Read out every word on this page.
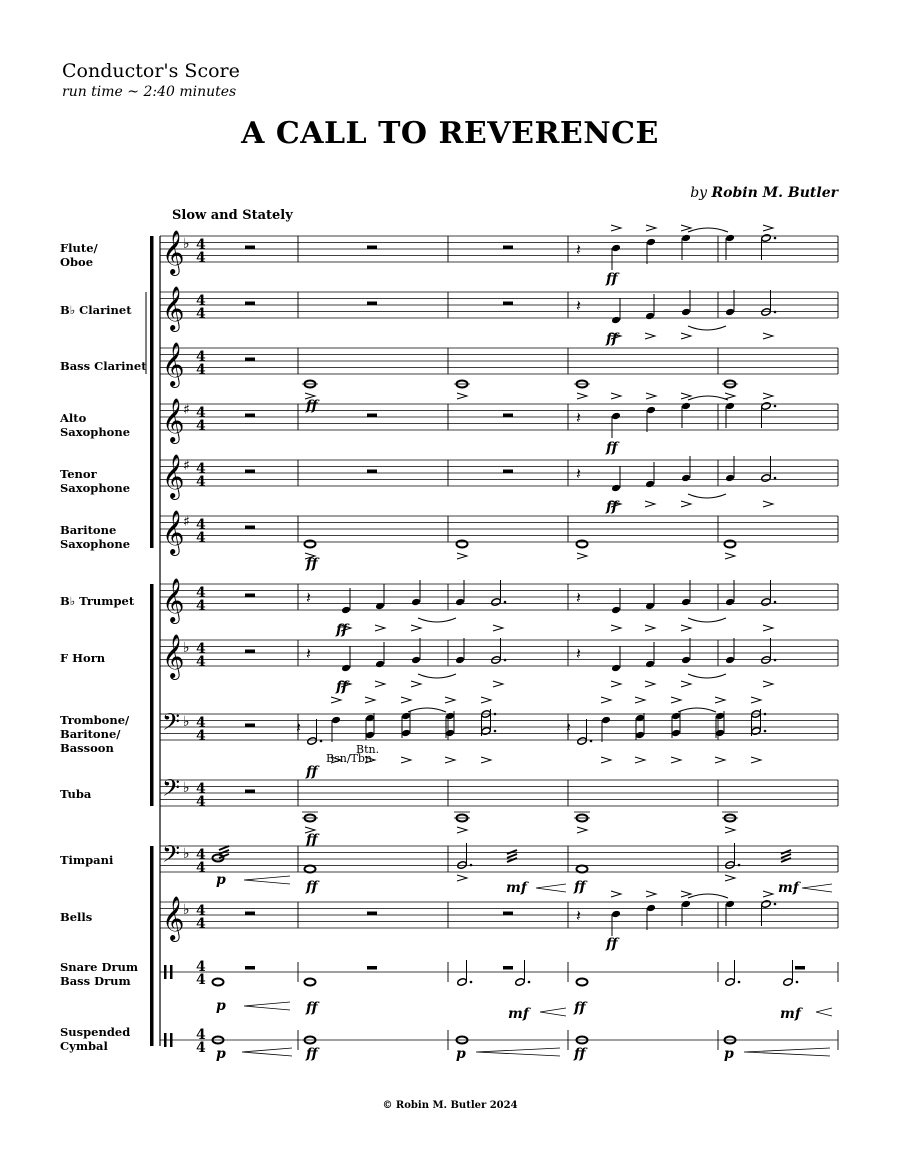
Conductor's Score
run time ~ 2:40 minutes
A CALL TO REVERENCE
by Robin M. Butler
Slow and Stately
Flute/
Oboe
B♭ Clarinet
Bass Clarinet
Alto
Saxophone
Tenor
Saxophone
Baritone
Saxophone
B♭ Trumpet
F Horn
Trombone/
Baritone/
Bassoon
Tuba
Timpani
Bells
Snare Drum
Bass Drum
Suspended
Cymbal
𝄞
♭ 4
4
𝄞 4
4
𝄞 4
4
𝄞
♯ 4
4
𝄞
♯ 4
4
𝄞
♯ 4
4
𝄞 4
4
𝄞
♭ 4
4
𝄢 ♭ 4
4
𝄢 ♭ 4
4
𝄢 ♭ 4
4
𝄞
♭ 4
4
4
4
4
4
𝄽
ff
𝄽
ff
𝄽
ff
𝄽
ff
𝄽
ff
𝄽
ff
𝄽
𝄽
ff
𝄽
𝄽	𝄽
ff
ff
ff
ff
p	ff	mf	ff	mf
p	ff	mf	ff	mf
p	ff	p	ff	p
Btn.
Bsn/Tbn
© Robin M. Butler 2024
